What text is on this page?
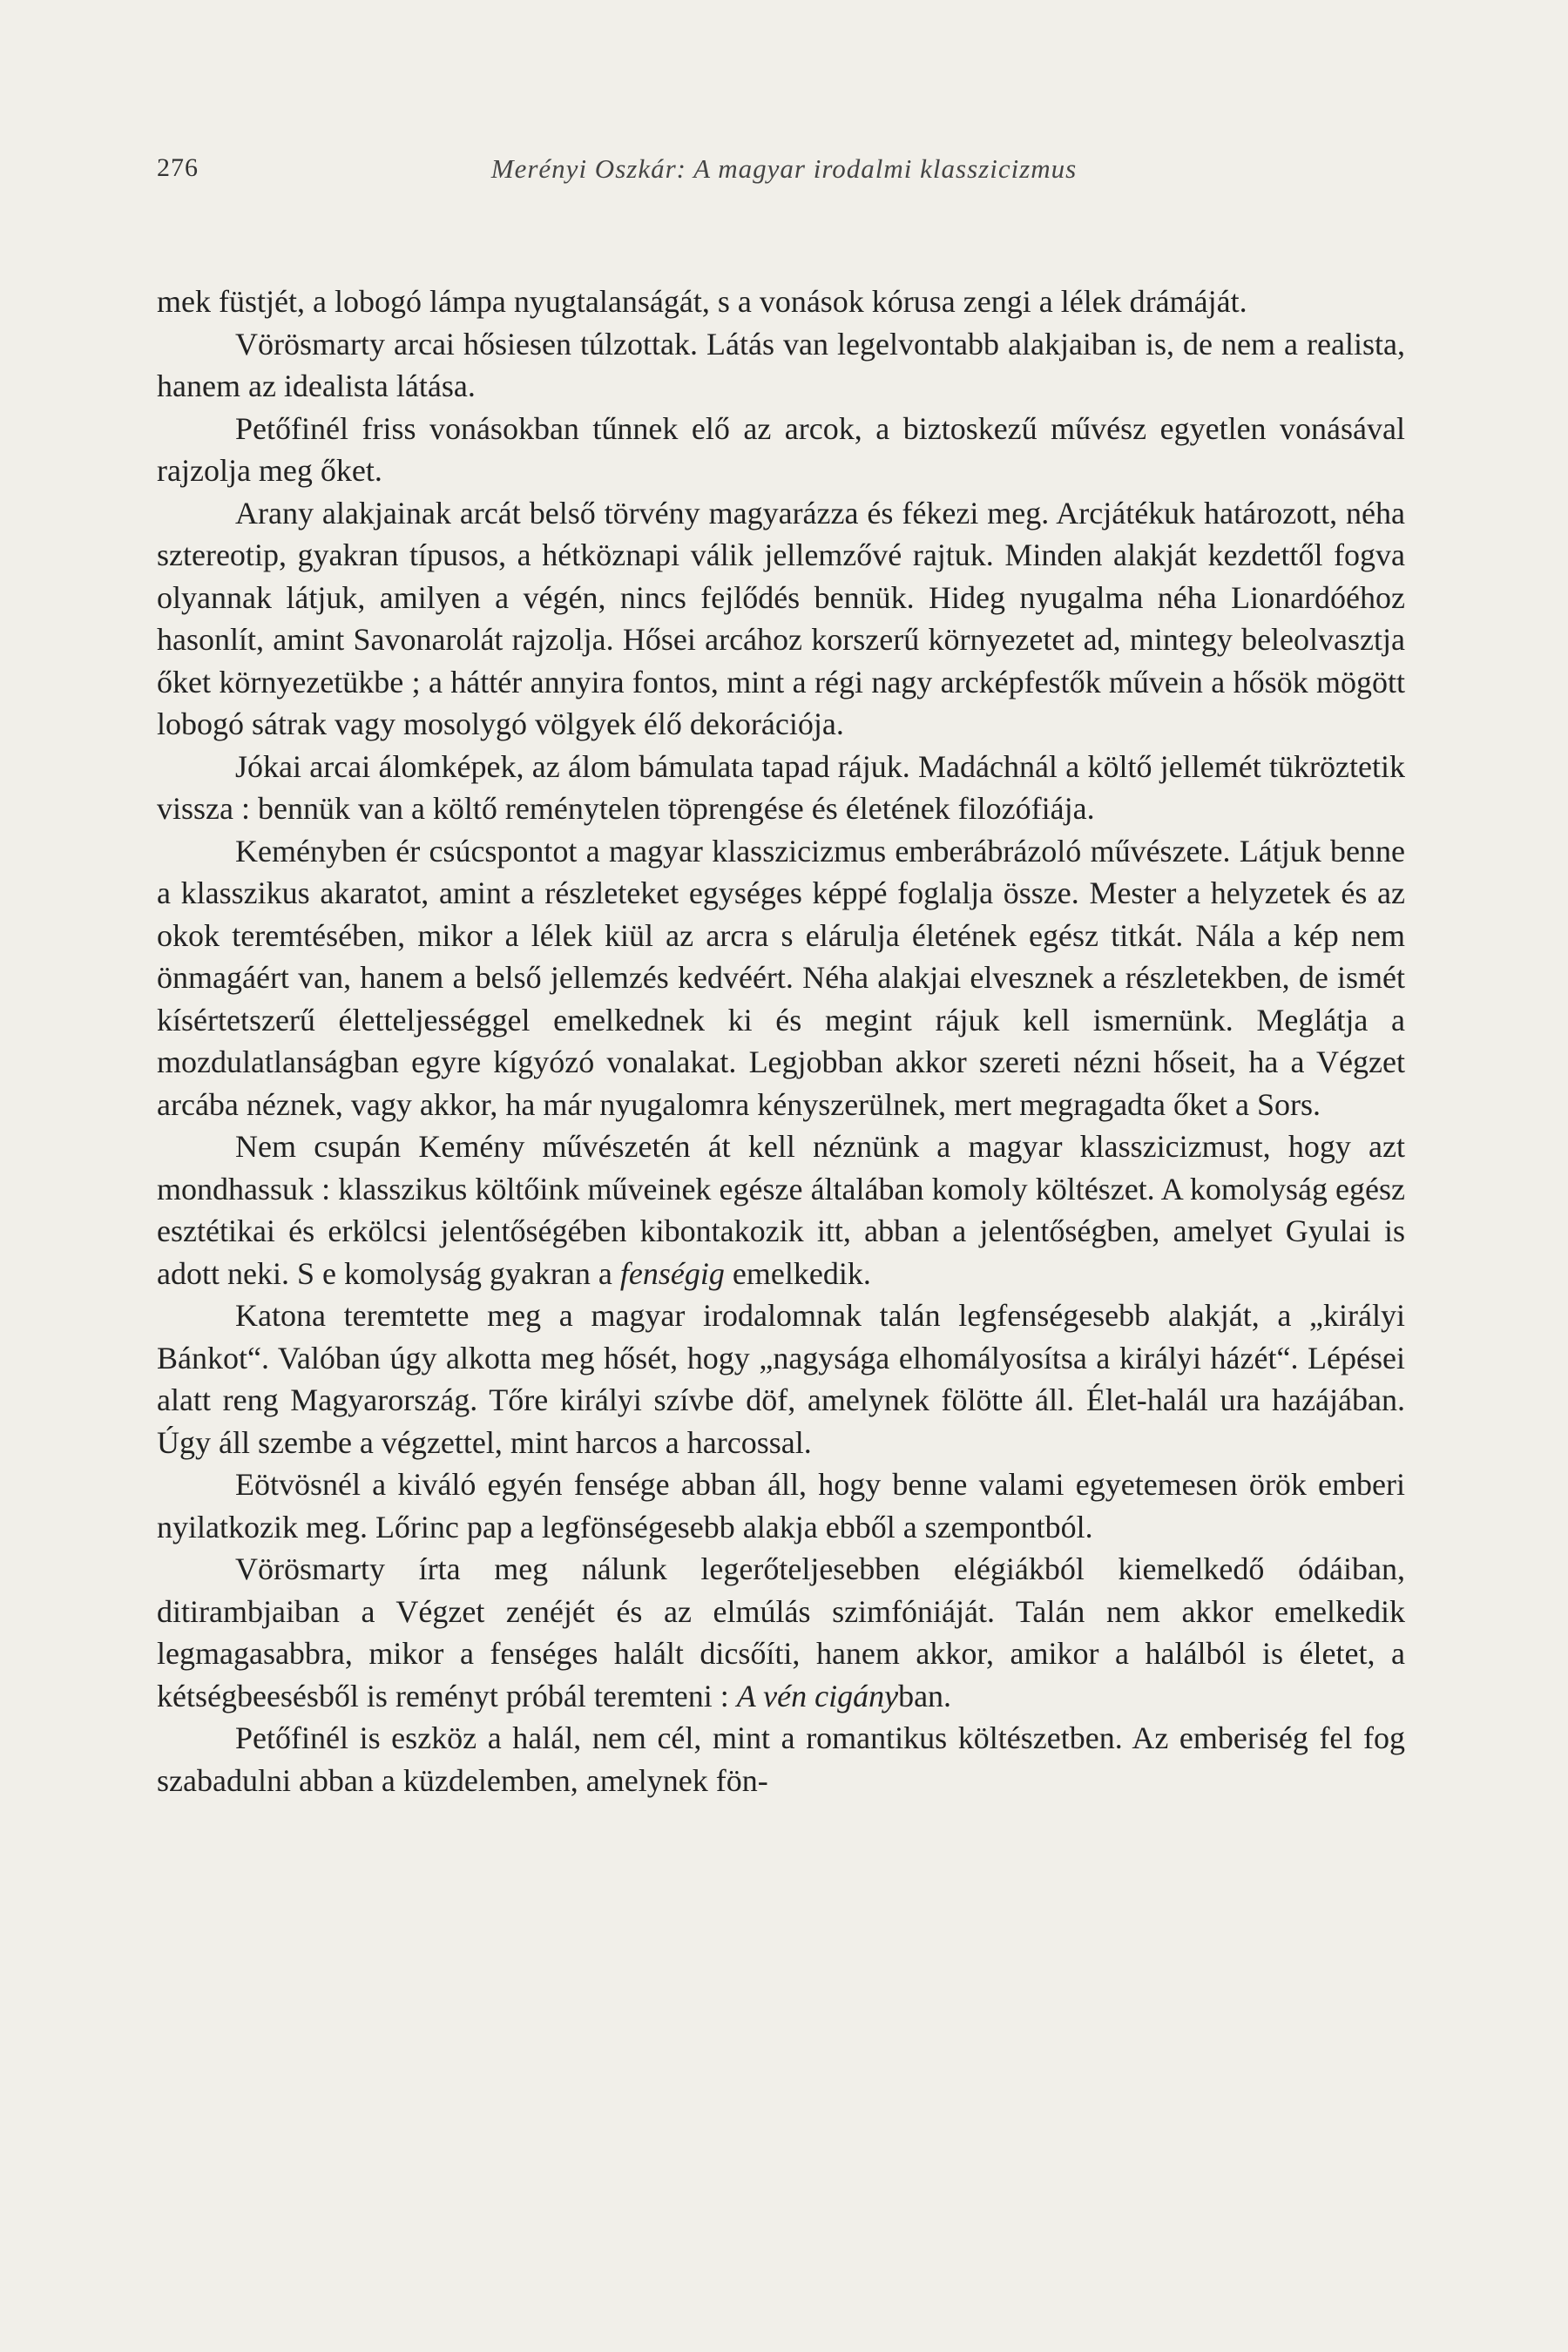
276	Merényi Oszkár: A magyar irodalmi klasszicizmus

mek füstjét, a lobogó lámpa nyugtalanságát, s a vonások kórusa zengi a lélek drámáját.

Vörösmarty arcai hősiesen túlzottak. Látás van legelvontabb alakjaiban is, de nem a realista, hanem az idealista látása.

Petőfinél friss vonásokban tűnnek elő az arcok, a biztoskezű művész egyetlen vonásával rajzolja meg őket.

Arany alakjainak arcát belső törvény magyarázza és fékezi meg. Arcjátékuk határozott, néha sztereotip, gyakran típusos, a hétköznapi válik jellemzővé rajtuk. Minden alakját kezdettől fogva olyannak látjuk, amilyen a végén, nincs fejlődés bennük. Hideg nyugalma néha Lionardóéhoz hasonlít, amint Savonarolát rajzolja. Hősei arcához korszerű környezetet ad, mintegy beleolvasztja őket környezetükbe ; a háttér annyira fontos, mint a régi nagy arcképfestők művein a hősök mögött lobogó sátrak vagy mosolygó völgyek élő dekorációja.

Jókai arcai álomképek, az álom bámulata tapad rájuk. Madáchnál a költő jellemét tükröztetik vissza : bennük van a költő reménytelen töprengése és életének filozófiája.

Keményben ér csúcspontot a magyar klasszicizmus emberábrázoló művészete. Látjuk benne a klasszikus akaratot, amint a részleteket egységes képpé foglalja össze. Mester a helyzetek és az okok teremtésében, mikor a lélek kiül az arcra s elárulja életének egész titkát. Nála a kép nem önmagáért van, hanem a belső jellemzés kedvéért. Néha alakjai elvesznek a részletekben, de ismét kísértetszerű életteljességgel emelkednek ki és megint rájuk kell ismernünk. Meglátja a mozdulatlanságban egyre kígyózó vonalakat. Legjobban akkor szereti nézni hőseit, ha a Végzet arcába néznek, vagy akkor, ha már nyugalomra kényszerülnek, mert megragadta őket a Sors.

Nem csupán Kemény művészetén át kell néznünk a magyar klasszicizmust, hogy azt mondhassuk : klasszikus költőink műveinek egésze általában komoly költészet. A komolyság egész esztétikai és erkölcsi jelentőségében kibontakozik itt, abban a jelentőségben, amelyet Gyulai is adott neki. S e komolyság gyakran a fenségig emelkedik.

Katona teremtette meg a magyar irodalomnak talán legfenségesebb alakját, a „királyi Bánkot“. Valóban úgy alkotta meg hősét, hogy „nagysága elhomályosítsa a királyi házét“. Lépései alatt reng Magyarország. Tőre királyi szívbe döf, amelynek fölötte áll. Élet-halál ura hazájában. Úgy áll szembe a végzettel, mint harcos a harcossal.

Eötvösnél a kiváló egyén fensége abban áll, hogy benne valami egyetemesen örök emberi nyilatkozik meg. Lőrinc pap a legfönségesebb alakja ebből a szempontból.

Vörösmarty írta meg nálunk legerőteljesebben elégiákból kiemelkedő ódáiban, ditirambjaiban a Végzet zenéjét és az elmúlás szimfóniáját. Talán nem akkor emelkedik legmagasabbra, mikor a fenséges halált dicsőíti, hanem akkor, amikor a halálból is életet, a kétségbeesésből is reményt próbál teremteni : A vén cigányban.

Petőfinél is eszköz a halál, nem cél, mint a romantikus költészetben. Az emberiség fel fog szabadulni abban a küzdelemben, amelynek fön-
